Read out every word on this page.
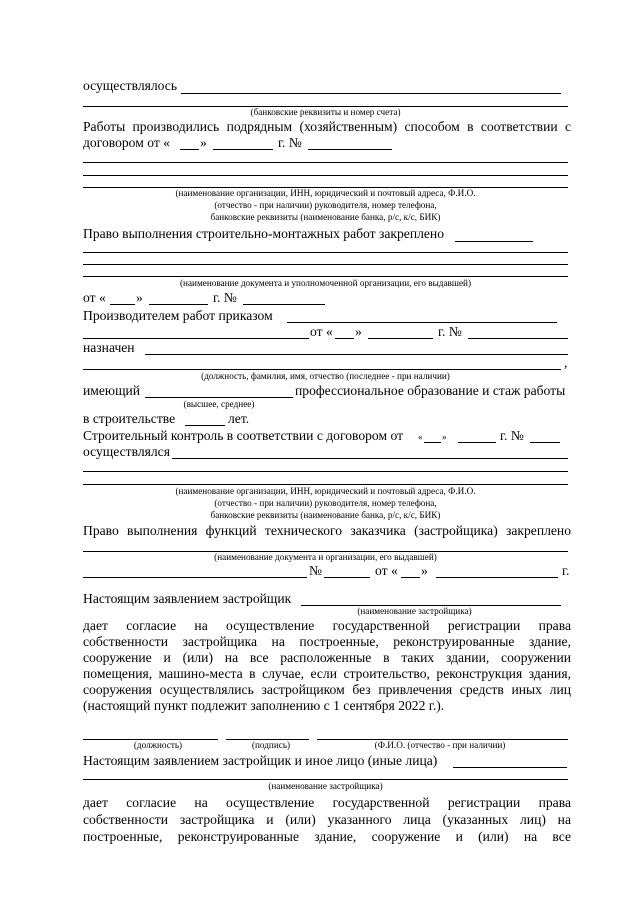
осуществлялось
(банковские реквизиты и номер счета)
Работы производились подрядным (хозяйственным) способом в соответствии с
договором от « »	г. №
(наименование организации, ИНН, юридический и почтовый адреса, Ф.И.О.
(отчество - при наличии) руководителя, номер телефона,
банковские реквизиты (наименование банка, р/с, к/с, БИК)
Право выполнения строительно-монтажных работ закреплено
(наименование документа и уполномоченной организации, его выдавшей)
от « »	г. №
Производителем работ приказом
от « »	г. №
назначен
,
(должность, фамилия, имя, отчество (последнее - при наличии)
имеющий	профессиональное образование и стаж работы
(высшее, среднее)
в строительстве	лет.
Строительный контроль в соответствии с договором от « »	г. №
осуществлялся
(наименование организации, ИНН, юридический и почтовый адреса, Ф.И.О.
(отчество - при наличии) руководителя, номер телефона,
банковские реквизиты (наименование банка, р/с, к/с, БИК)
Право выполнения функций технического заказчика (застройщика) закреплено
(наименование документа и организации, его выдавшей)
№	от « »	г.
Настоящим заявлением застройщик
(наименование застройщика)
дает согласие на осуществление государственной регистрации права
собственности застройщика на построенные, реконструированные здание,
сооружение и (или) на все расположенные в таких здании, сооружении
помещения, машино-места в случае, если строительство, реконструкция здания,
сооружения осуществлялись застройщиком без привлечения средств иных лиц
(настоящий пункт подлежит заполнению с 1 сентября 2022 г.).
(должность)	(подпись)	(Ф.И.О. (отчество - при наличии)
Настоящим заявлением застройщик и иное лицо (иные лица)
(наименование застройщика)
дает согласие на осуществление государственной регистрации права
собственности застройщика и (или) указанного лица (указанных лиц) на
построенные, реконструированные здание, сооружение и (или) на все
